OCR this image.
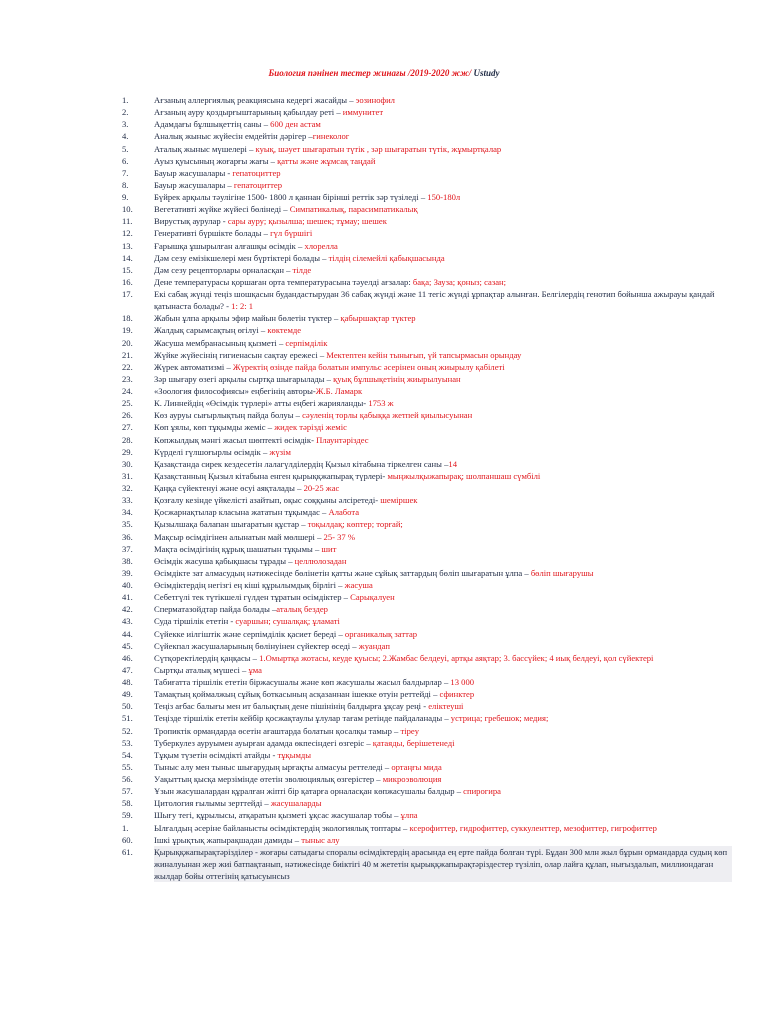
Биология пәнінен тестер жинағы /2019-2020 жж/ Ustudy

1.	Ағзаның аллергиялық реакциясына кедергі жасайды – эозинофил
2.	Ағзаның ауру қоздырғыштарының қабылдау реті – иммунитет
3.	Адамдағы бұлшықеттің саны – 600 ден астам
4.	Аналық жыныс жүйесін емдейтін дәрігер –гинеколог
5.	Аталық жыныс мүшелері – куық, шәует шығаратын түтік , зәр шығаратын түтік, жұмыртқалар
6.	Ауыз қуысының жоғарғы жағы – қатты және жұмсақ таңдай
7.	Бауыр жасушалары - гепатоциттер
8.	Бауыр жасушалары – гепатоциттер
9.	Бүйрек арқылы тәулігіне 1500- 1800 л қаннан біріншi реттiк зәр түзіледі – 150-180л
10.	Вегетативті жүйке жүйесі бөлінеді – Симпатикалық, парасимпатикалық
11.	Вирустық аурулар - сары ауру; қызылша; шешек; тұмау; шешек
12.	Генеративті бүршікте болады – гүл бүршігі
13.	Ғарышқа ұшырылған алғашқы өсімдік – хлорелла
14.	Дәм сезу емізікшелері мен бүртіктері болады – тілдің сілемейлі қабықшасында
15.	Дәм сезу рецепторлары орналасқан – тілде
16.	Дене температурасы қоршаған орта температурасына тәуелді ағзалар: бақа; Зауза; қоныз; сазан;
17.	Екі сабақ жүнді теңіз шошқасын будандастырудан 36 сабақ жүнді және 11 тегіс жүнді ұрпақтар алынған. Белгілердің генотип бойынша ажырауы қандай қатынаста болады? - 1: 2: 1
18.	Жабын ұлпа арқылы эфир майын бөлетін түктер – қабыршақтар түктер
19.	Жалдық сарымсақтың өгілуі – көктемде
20.	Жасуша мембранасының қызметі – серпімділік
21.	Жүйке жүйесінің гигиенасын сақтау ережесі – Мектептен кейін тынығып, үй тапсырмасын орындау
22.	Жүрек автоматизмі – Жүректің өзінде пайда болатын импульс әсерінен оның жиырылу қабілеті
23.	Зәр шығару өзегі арқылы сыртқа шығарылады – қуық бұлшықетінің жиырылуынан
24.	«Зоология философиясы» еңбегінің авторы-Ж.Б. Ламарк
25.	К. Линнейдің «Өсімдік түрлері» атты еңбегі жарияланды- 1753 ж
26.	Көз ауруы сығырлықтың пайда болуы – сәуленің торлы қабыққа жетпей қиылысуынан
27.	Көп ұялы, көп тұқымды жеміс – жидек тәрізді жеміс
28.	Көпжылдық мәнгі жасыл шөптекті өсімдік- Плаунтәріздес
29.	Күрделі гүлшоғырлы өсімдік – жүзім
30.	Қазақстанда сирек кездесетін лалагүлділердің Қызыл кітабына тіркелген саны –14
31.	Қазақстанның Қызыл кітабына енген қырыққжапырақ түрлері- мыңжылқыжапырақ; шолпаншаш сүмбілі
32.	Қаңқа сүйектенуі және өсуі аяқталады – 20-25 жас
33.	Қозғалу кезінде үйкелісті азайтып, оқыс соққыны әлсіретеді- шеміршек
34.	Қосжарнақтылар класына жататын тұқымдас – Алабота
35.	Қызылшақа балапан шығаратын құстар – тоқылдақ; көптер; торғай;
36.	Мақсыр өсімдігінен алынатын май мөлшері – 25- 37 %
37.	Мақта өсімдігінің құрық шашатын тұқымы – шит
38.	Өсімдік жасуша қабықшасы тұрады – целлюлозадан
39.	Өсімдікте зат алмасудың нәтижесінде бөлінетін қатты және сұйық заттардың бөліп шығаратын ұлпа – бөліп шығарушы
40.	Өсімдіктердің негізгі ең кіші құрылымдық бірлігі – жасуша
41.	Себетгүлі тек түтікшелі гүлден тұратын өсімдіктер – Сарықалуен
42.	Сперматазойдтар пайда болады –аталық бездер
43.	Суда тіршілік ететін - суаршын; сушалқақ; ұламаті
44.	Сүйекке иілгіштік және серпімділік қасиет береді – органикалық заттар
45.	Сүйекпал жасушаларының бөлінуінен сүйектер өседі – жуандап
46.	Сүтқоректілердің қаңқасы – 1.Омыртқа жотасы, кеуде қуысы; 2.Жамбас белдеуі, артқы аяқтар; 3. бассүйек; 4 иық белдеуі, қол сүйектері
47.	Сыртқы аталық мүшесі – ұма
48.	Табиғатта тіршілік ететін біржасушалы және көп жасушалы жасыл балдырлар – 13 000
49.	Тамақтың қоймалжың сұйық боткасының асқазаннан ішекке өтуін реттейді – сфинктер
50.	Теңіз ағбас балығы мен ит балықтың дене пішінінің балдырға ұқсау реңі - еліктеуші
51.	Теңізде тіршілік ететін кейбір қосжақтаулы ұлулар тағам ретінде пайдаланады – устрица; гребешок; медия;
52.	Тропиктік ормандарда өсетін ағаштарда болатын қосалқы тамыр – тірeу
53.	Туберкулез ауруымен ауырған адамда өкпесіндегі өзгеріс – қатаяды, берішетенеді
54.	Тұқым түзетін өсімдікті атайды - тұқымды
55.	Тыныс алу мен тыныс шығарудың ырғақты алмасуы реттеледі – ортаңғы мида
56.	Уақыттың қысқа мерзімінде өтетін эволюциялық өзгерістер – микроэволюция
57.	Ұзын жасушалардан құралған жіпті бір қатарға орналасқан көпжасушалы балдыр – спирогира
58.	Цитология ғылымы зерттейді – жасушаларды
59.	Шығу тегі, құрылысы, атқаратын қызметі ұқсас жасушалар тобы – ұлпа
1.	Ылғалдың әсеріне байланысты өсімдіктердің экологиялық топтары – ксерофиттер, гидрофиттер, суккуленттер, мезофиттер, гигрофиттер
60.	Ішкі ұрықтық жапырақшадан дамиды – тыныс алу
61.	Қырыққжапырақтәрізділер - жоғары сатыдағы споралы өсімдіктердің арасында ең ерте пайда болған түрі. Бұдан 300 млн жыл бұрын ормандарда судың көп жиналуынан жер жиі батпақтанып, нәтижесінде биіктігі 40 м жететін қырыққжапырақтәріздестер түзіліп, олар лайға құлап, нығыздалып, миллиондаған жылдар бойы оттегінің қатысуынсыз
